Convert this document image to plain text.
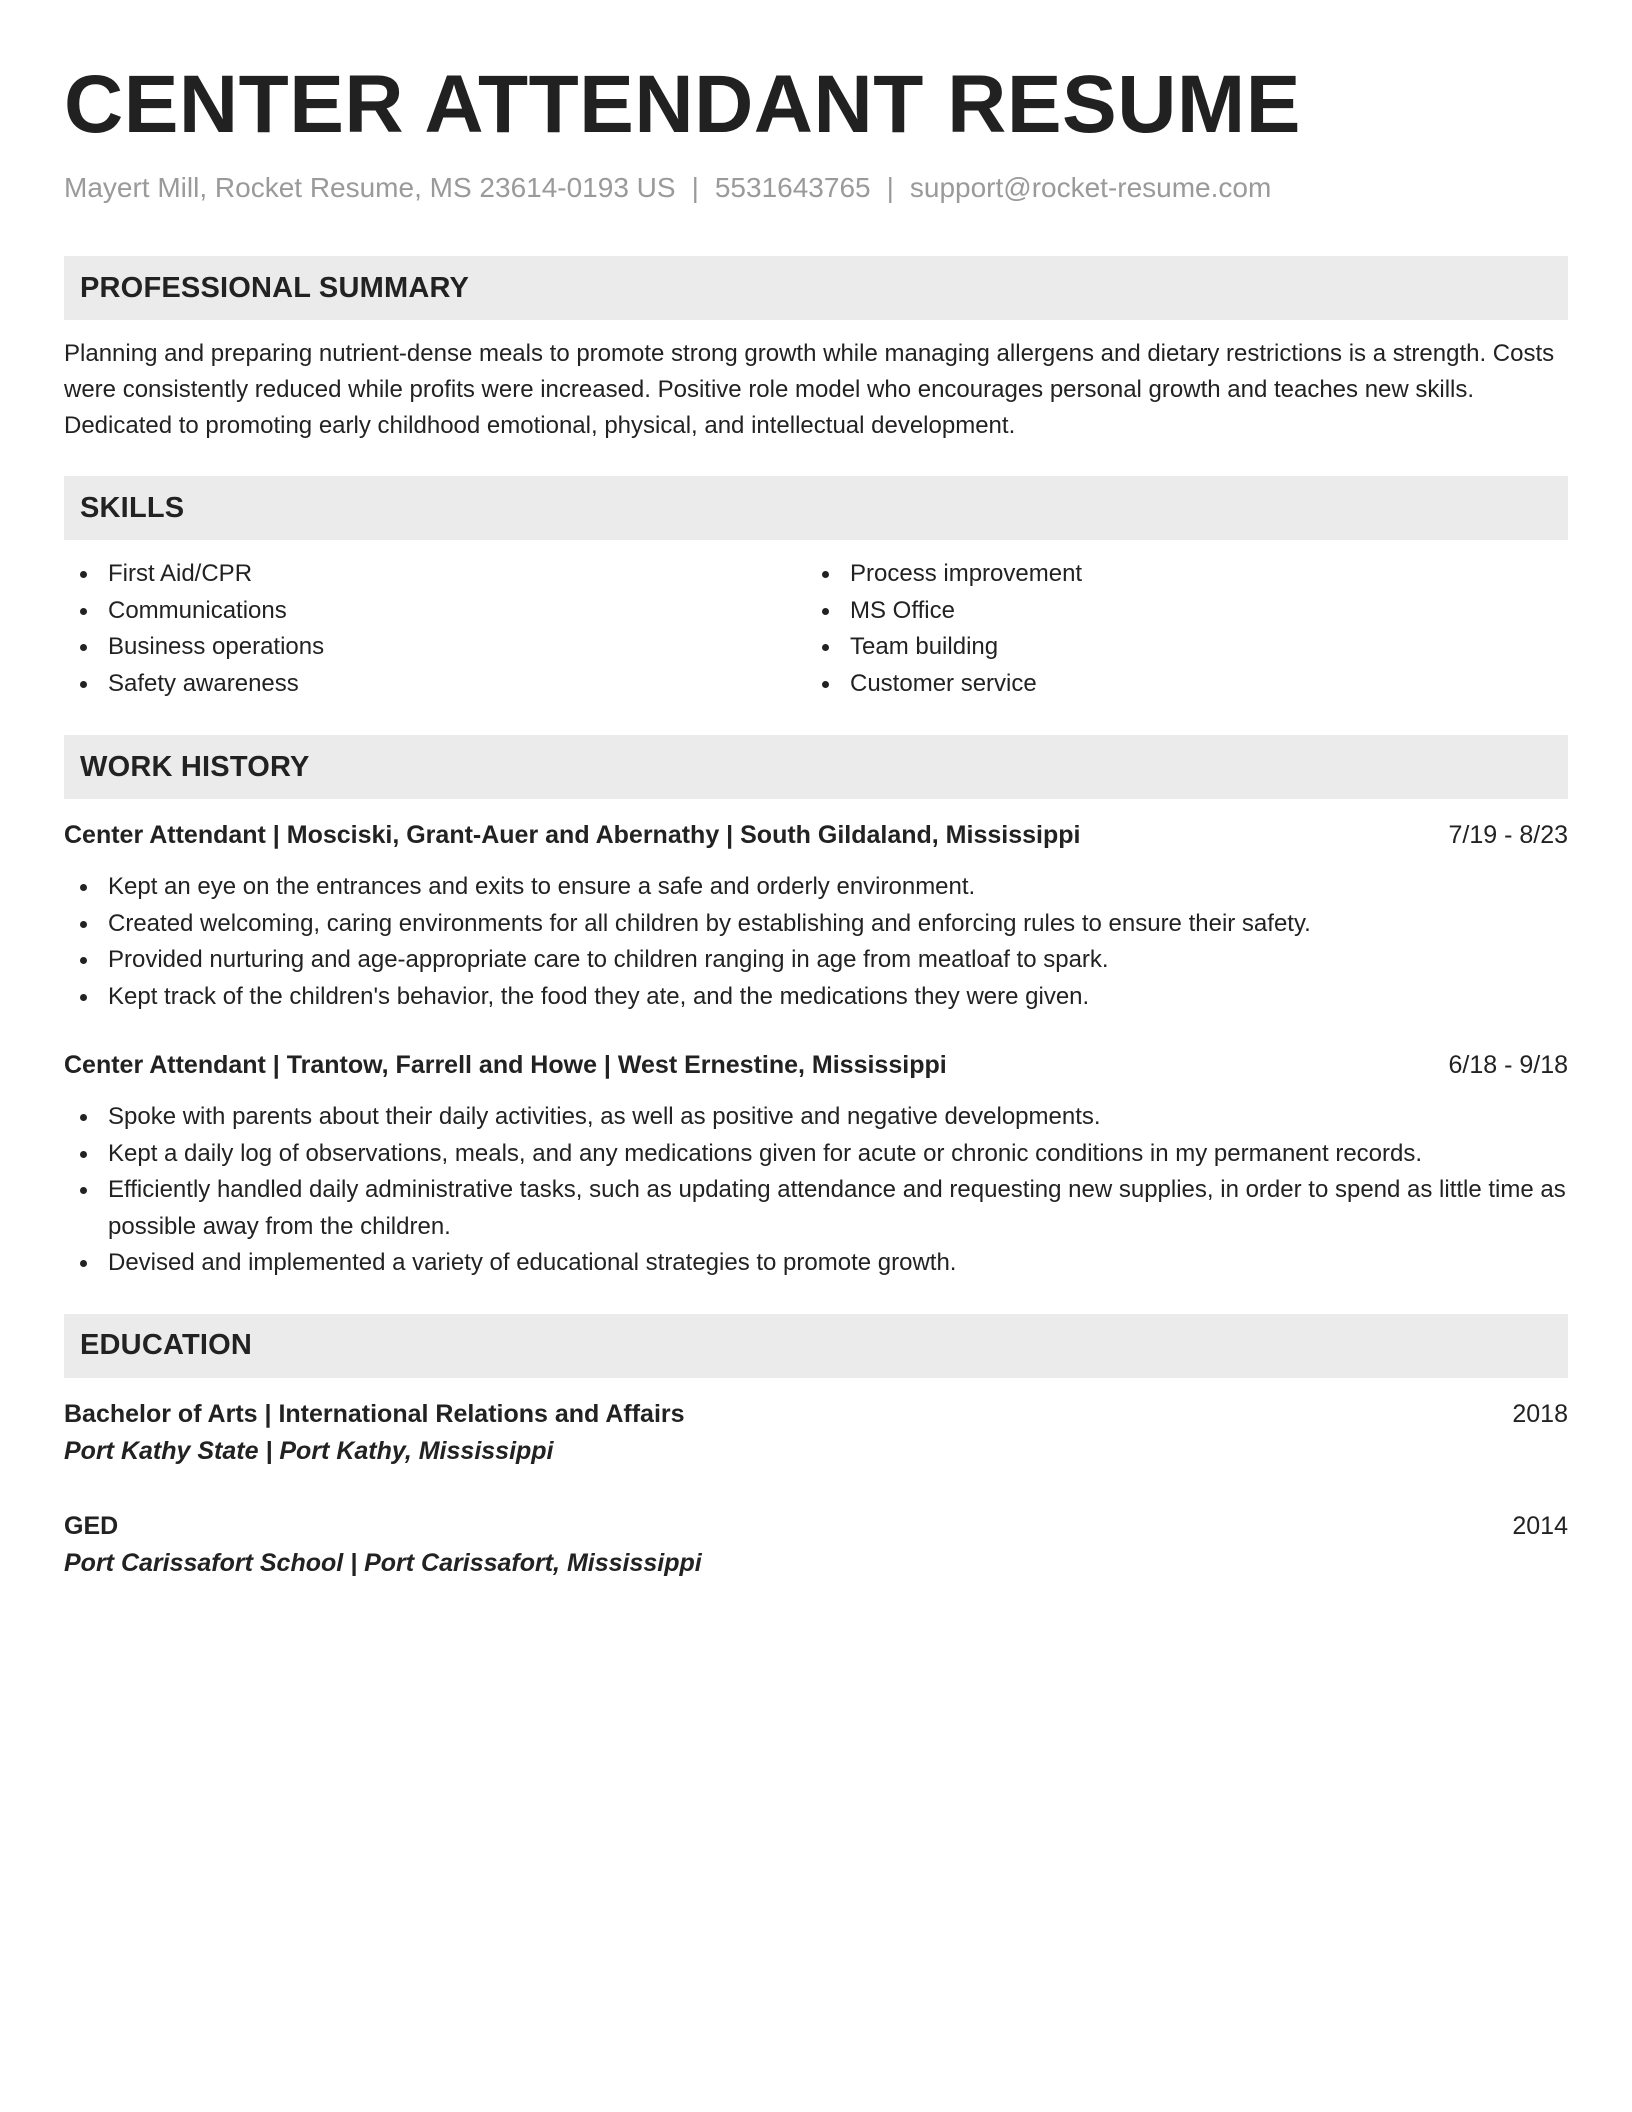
CENTER ATTENDANT RESUME
Mayert Mill, Rocket Resume, MS 23614-0193 US | 5531643765 | support@rocket-resume.com
PROFESSIONAL SUMMARY
Planning and preparing nutrient-dense meals to promote strong growth while managing allergens and dietary restrictions is a strength. Costs were consistently reduced while profits were increased. Positive role model who encourages personal growth and teaches new skills. Dedicated to promoting early childhood emotional, physical, and intellectual development.
SKILLS
First Aid/CPR
Communications
Business operations
Safety awareness
Process improvement
MS Office
Team building
Customer service
WORK HISTORY
Center Attendant | Mosciski, Grant-Auer and Abernathy | South Gildaland, Mississippi	7/19 - 8/23
Kept an eye on the entrances and exits to ensure a safe and orderly environment.
Created welcoming, caring environments for all children by establishing and enforcing rules to ensure their safety.
Provided nurturing and age-appropriate care to children ranging in age from meatloaf to spark.
Kept track of the children's behavior, the food they ate, and the medications they were given.
Center Attendant | Trantow, Farrell and Howe | West Ernestine, Mississippi	6/18 - 9/18
Spoke with parents about their daily activities, as well as positive and negative developments.
Kept a daily log of observations, meals, and any medications given for acute or chronic conditions in my permanent records.
Efficiently handled daily administrative tasks, such as updating attendance and requesting new supplies, in order to spend as little time as possible away from the children.
Devised and implemented a variety of educational strategies to promote growth.
EDUCATION
Bachelor of Arts | International Relations and Affairs	2018
Port Kathy State | Port Kathy, Mississippi
GED	2014
Port Carissafort School | Port Carissafort, Mississippi
